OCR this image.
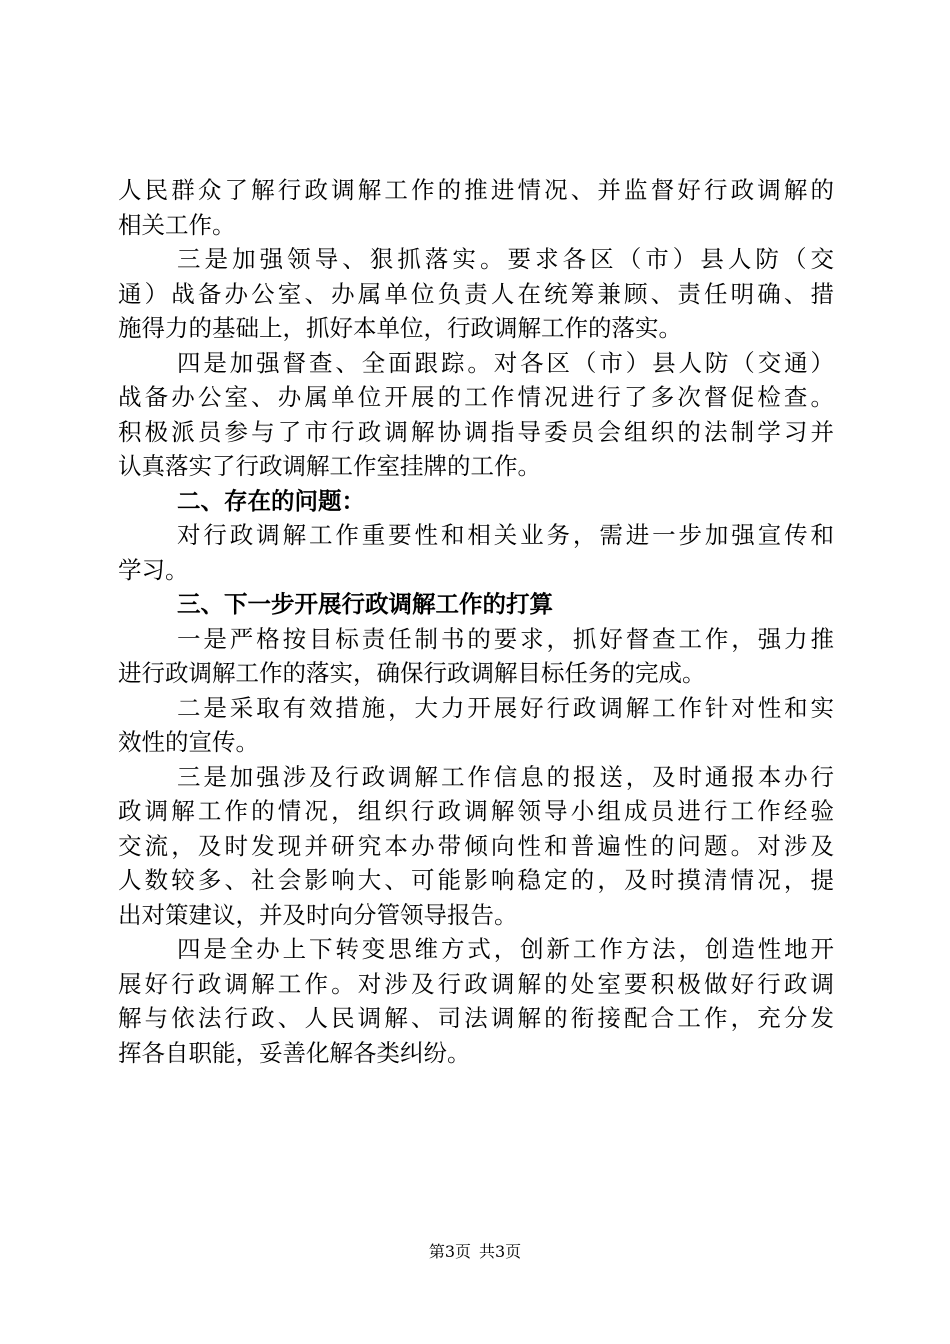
人民群众了解行政调解工作的推进情况、并监督好行政调解的
相关工作。
三是加强领导、狠抓落实。要求各区（市）县人防（交
通）战备办公室、办属单位负责人在统筹兼顾、责任明确、措
施得力的基础上，抓好本单位，行政调解工作的落实。
四是加强督查、全面跟踪。对各区（市）县人防（交通）
战备办公室、办属单位开展的工作情况进行了多次督促检查。
积极派员参与了市行政调解协调指导委员会组织的法制学习并
认真落实了行政调解工作室挂牌的工作。
二、存在的问题：
对行政调解工作重要性和相关业务，需进一步加强宣传和
学习。
三、下一步开展行政调解工作的打算
一是严格按目标责任制书的要求，抓好督查工作，强力推
进行政调解工作的落实，确保行政调解目标任务的完成。
二是采取有效措施，大力开展好行政调解工作针对性和实
效性的宣传。
三是加强涉及行政调解工作信息的报送，及时通报本办行
政调解工作的情况，组织行政调解领导小组成员进行工作经验
交流，及时发现并研究本办带倾向性和普遍性的问题。对涉及
人数较多、社会影响大、可能影响稳定的，及时摸清情况，提
出对策建议，并及时向分管领导报告。
四是全办上下转变思维方式，创新工作方法，创造性地开
展好行政调解工作。对涉及行政调解的处室要积极做好行政调
解与依法行政、人民调解、司法调解的衔接配合工作，充分发
挥各自职能，妥善化解各类纠纷。
第3页 共3页
